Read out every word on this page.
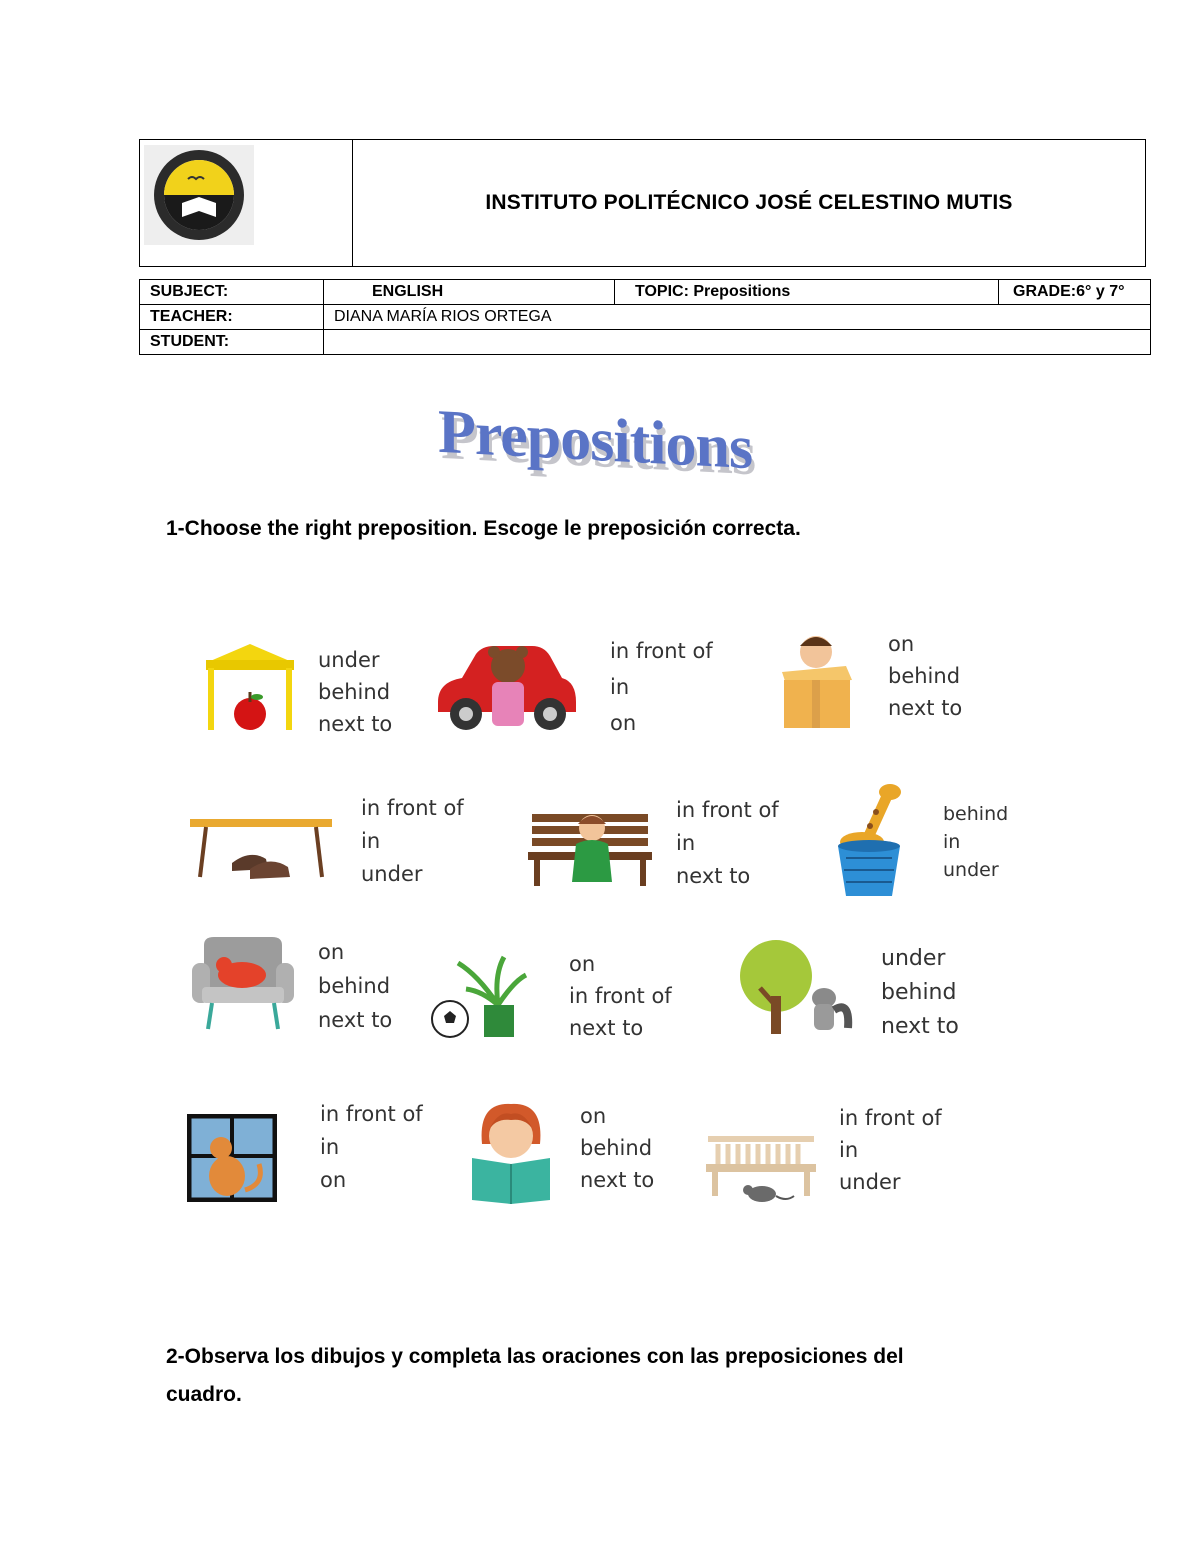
INSTITUTO POLITÉCNICO JOSÉ CELESTINO MUTIS
SUBJECT:	ENGLISH	TOPIC: Prepositions	GRADE:6° y 7°
TEACHER:	DIANA MARÍA RIOS ORTEGA		
STUDENT:			
Prepositions
1-Choose the right preposition. Escoge le preposición correcta.
under
behind
next to
in front of
in
on
on
behind
next to
in front of
in
under
in front of
in
next to
behind
in
under
on
behind
next to
on
in front of
next to
under
behind
next to
in front of
in
on
on
behind
next to
in front of
in
under
2-Observa los dibujos y completa las oraciones con las preposiciones del
cuadro.
